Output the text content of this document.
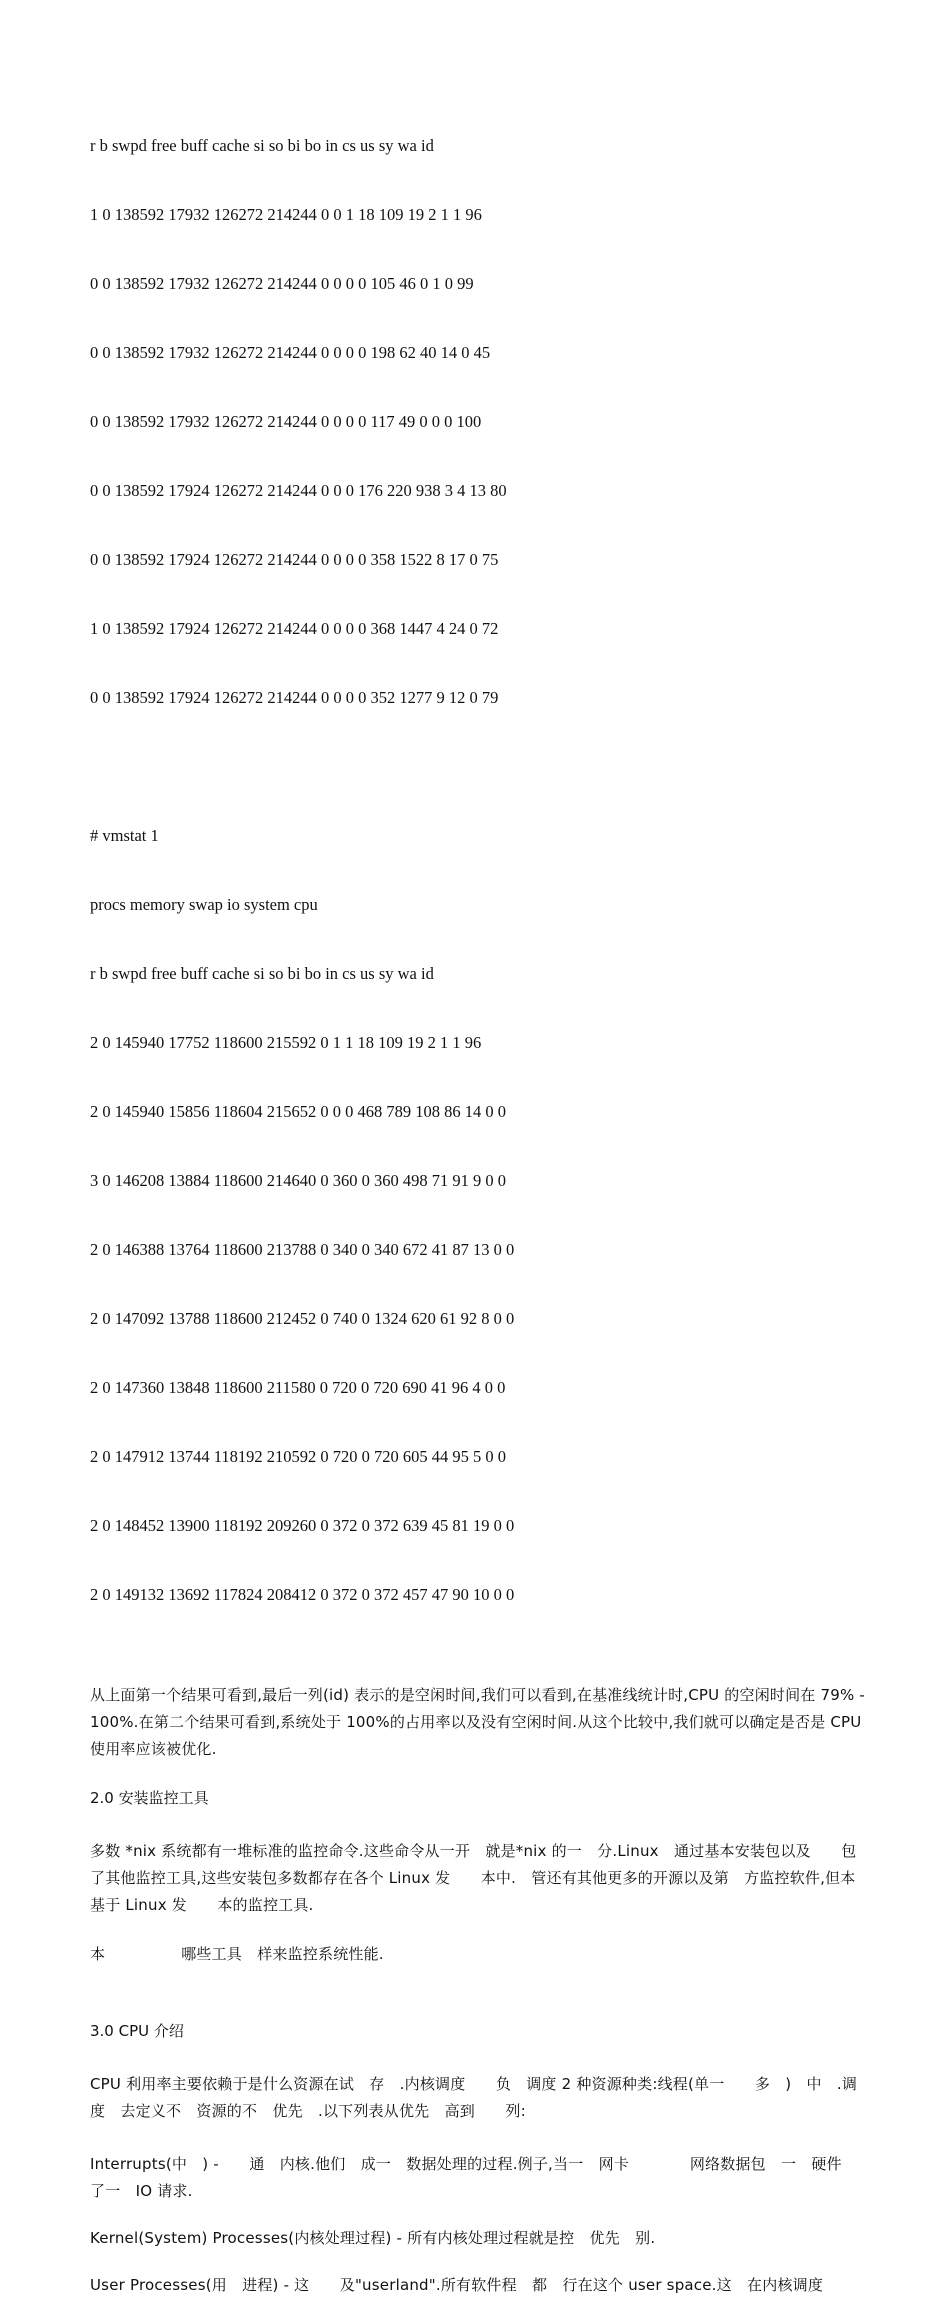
r b swpd free buff cache si so bi bo in cs us sy wa id

1 0 138592 17932 126272 214244 0 0 1 18 109 19 2 1 1 96

0 0 138592 17932 126272 214244 0 0 0 0 105 46 0 1 0 99

0 0 138592 17932 126272 214244 0 0 0 0 198 62 40 14 0 45

0 0 138592 17932 126272 214244 0 0 0 0 117 49 0 0 0 100

0 0 138592 17924 126272 214244 0 0 0 176 220 938 3 4 13 80

0 0 138592 17924 126272 214244 0 0 0 0 358 1522 8 17 0 75

1 0 138592 17924 126272 214244 0 0 0 0 368 1447 4 24 0 72

0 0 138592 17924 126272 214244 0 0 0 0 352 1277 9 12 0 79

# vmstat 1

procs memory swap io system cpu

r b swpd free buff cache si so bi bo in cs us sy wa id

2 0 145940 17752 118600 215592 0 1 1 18 109 19 2 1 1 96

2 0 145940 15856 118604 215652 0 0 0 468 789 108 86 14 0 0

3 0 146208 13884 118600 214640 0 360 0 360 498 71 91 9 0 0

2 0 146388 13764 118600 213788 0 340 0 340 672 41 87 13 0 0

2 0 147092 13788 118600 212452 0 740 0 1324 620 61 92 8 0 0

2 0 147360 13848 118600 211580 0 720 0 720 690 41 96 4 0 0

2 0 147912 13744 118192 210592 0 720 0 720 605 44 95 5 0 0

2 0 148452 13900 118192 209260 0 372 0 372 639 45 81 19 0 0

2 0 149132 13692 117824 208412 0 372 0 372 457 47 90 10 0 0

从上面第一个结果可看到,最后一列(id) 表示的是空闲时间,我们可以看到,在基准线统计时,CPU 的空闲时间在 79% - 100%.在第二个结果可看到,系统处于 100%的占用率以及没有空闲时间.从这个比较中,我们就可以确定是否是 CPU 使用率应该被优化.

2.0 安装监控工具

多数 *nix 系统都有一堆标准的监控命令.这些命令从一开　就是*nix 的一　分.Linux　通过基本安装包以及　　包　　了其他监控工具,这些安装包多数都存在各个 Linux 发　　本中.　管还有其他更多的开源以及第　方监控软件,但本　　　　　　基于 Linux 发　　本的监控工具.

本　　　　　哪些工具　样来监控系统性能.

3.0 CPU 介绍

CPU 利用率主要依赖于是什么资源在试　存　.内核调度　　负　调度 2 种资源种类:线程(单一　　多　)　中　.调度　去定义不　资源的不　优先　.以下列表从优先　高到　　列:

Interrupts(中　) -　　通　内核.他们　成一　数据处理的过程.例子,当一　网卡　　　　网络数据包　一　硬件　　了一　IO 请求.

Kernel(System) Processes(内核处理过程) - 所有内核处理过程就是控　优先　别.

User Processes(用　进程) - 这　　及"userland".所有软件程　都　行在这个 user space.这　在内核调度
